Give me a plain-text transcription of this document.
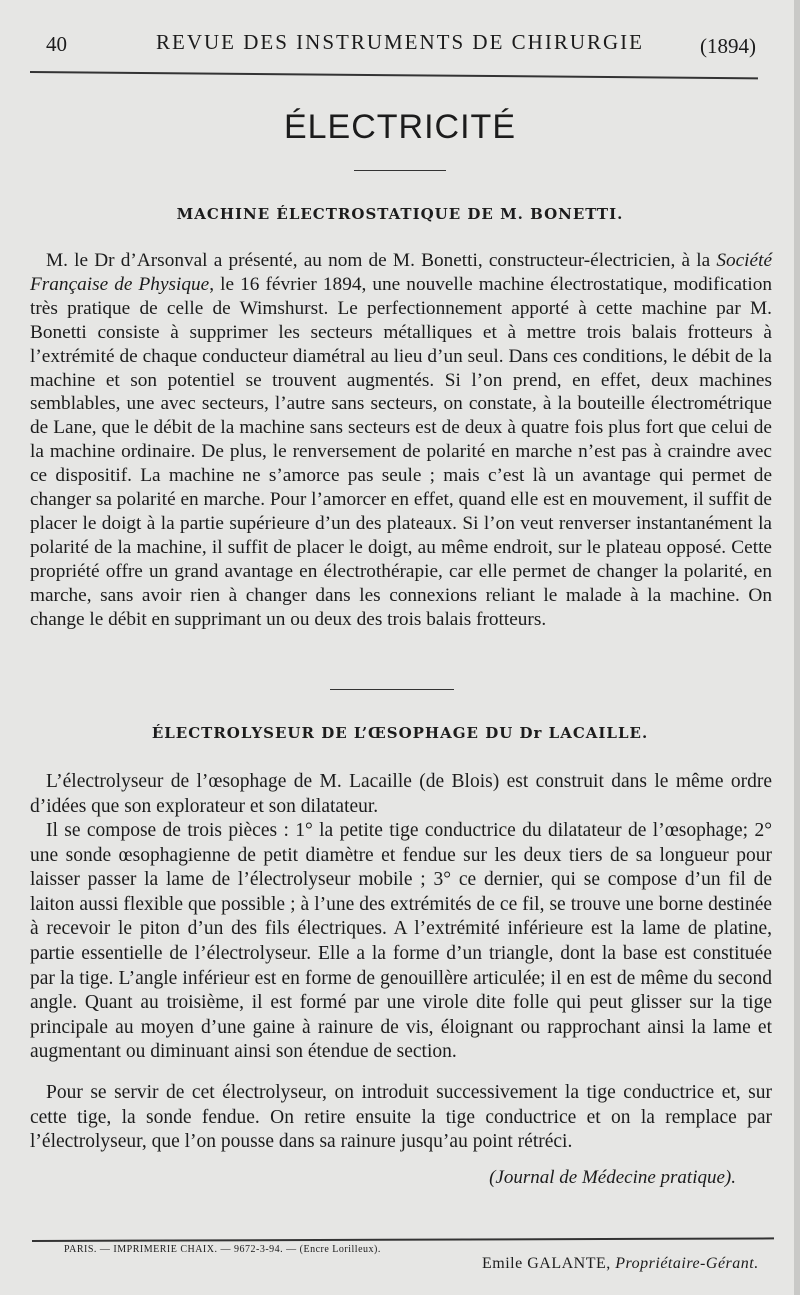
40	REVUE DES INSTRUMENTS DE CHIRURGIE	(1894)
ÉLECTRICITÉ
MACHINE ÉLECTROSTATIQUE DE M. BONETTI.

M. le Dr d’Arsonval a présenté, au nom de M. Bonetti, constructeur-électricien, à la Société Française de Physique, le 16 février 1894, une nouvelle machine électrostatique, modification très pratique de celle de Wimshurst. Le perfectionnement apporté à cette machine par M. Bonetti consiste à supprimer les secteurs métalliques et à mettre trois balais frotteurs à l’extrémité de chaque conducteur diamétral au lieu d’un seul. Dans ces conditions, le débit de la machine et son potentiel se trouvent augmentés. Si l’on prend, en effet, deux machines semblables, une avec secteurs, l’autre sans secteurs, on constate, à la bouteille électrométrique de Lane, que le débit de la machine sans secteurs est de deux à quatre fois plus fort que celui de la machine ordinaire. De plus, le renversement de polarité en marche n’est pas à craindre avec ce dispositif. La machine ne s’amorce pas seule ; mais c’est là un avantage qui permet de changer sa polarité en marche. Pour l’amorcer en effet, quand elle est en mouvement, il suffit de placer le doigt à la partie supérieure d’un des plateaux. Si l’on veut renverser instantanément la polarité de la machine, il suffit de placer le doigt, au même endroit, sur le plateau opposé. Cette propriété offre un grand avantage en électrothérapie, car elle permet de changer la polarité, en marche, sans avoir rien à changer dans les connexions reliant le malade à la machine. On change le débit en supprimant un ou deux des trois balais frotteurs.

ÉLECTROLYSEUR DE L’ŒSOPHAGE DU Dr LACAILLE.

L’électrolyseur de l’œsophage de M. Lacaille (de Blois) est construit dans le même ordre d’idées que son explorateur et son dilatateur.

Il se compose de trois pièces : 1° la petite tige conductrice du dilatateur de l’œsophage; 2° une sonde œsophagienne de petit diamètre et fendue sur les deux tiers de sa longueur pour laisser passer la lame de l’électrolyseur mobile ; 3° ce dernier, qui se compose d’un fil de laiton aussi flexible que possible ; à l’une des extrémités de ce fil, se trouve une borne destinée à recevoir le piton d’un des fils électriques. A l’extrémité inférieure est la lame de platine, partie essentielle de l’électrolyseur. Elle a la forme d’un triangle, dont la base est constituée par la tige. L’angle inférieur est en forme de genouillère articulée; il en est de même du second angle. Quant au troisième, il est formé par une virole dite folle qui peut glisser sur la tige principale au moyen d’une gaine à rainure de vis, éloignant ou rapprochant ainsi la lame et augmentant ou diminuant ainsi son étendue de section.

Pour se servir de cet électrolyseur, on introduit successivement la tige conductrice et, sur cette tige, la sonde fendue. On retire ensuite la tige conductrice et on la remplace par l’électrolyseur, que l’on pousse dans sa rainure jusqu’au point rétréci.

(Journal de Médecine pratique).
PARIS. — IMPRIMERIE CHAIX. — 9672-3-94. — (Encre Lorilleux).
Emile GALANTE, Propriétaire-Gérant.
